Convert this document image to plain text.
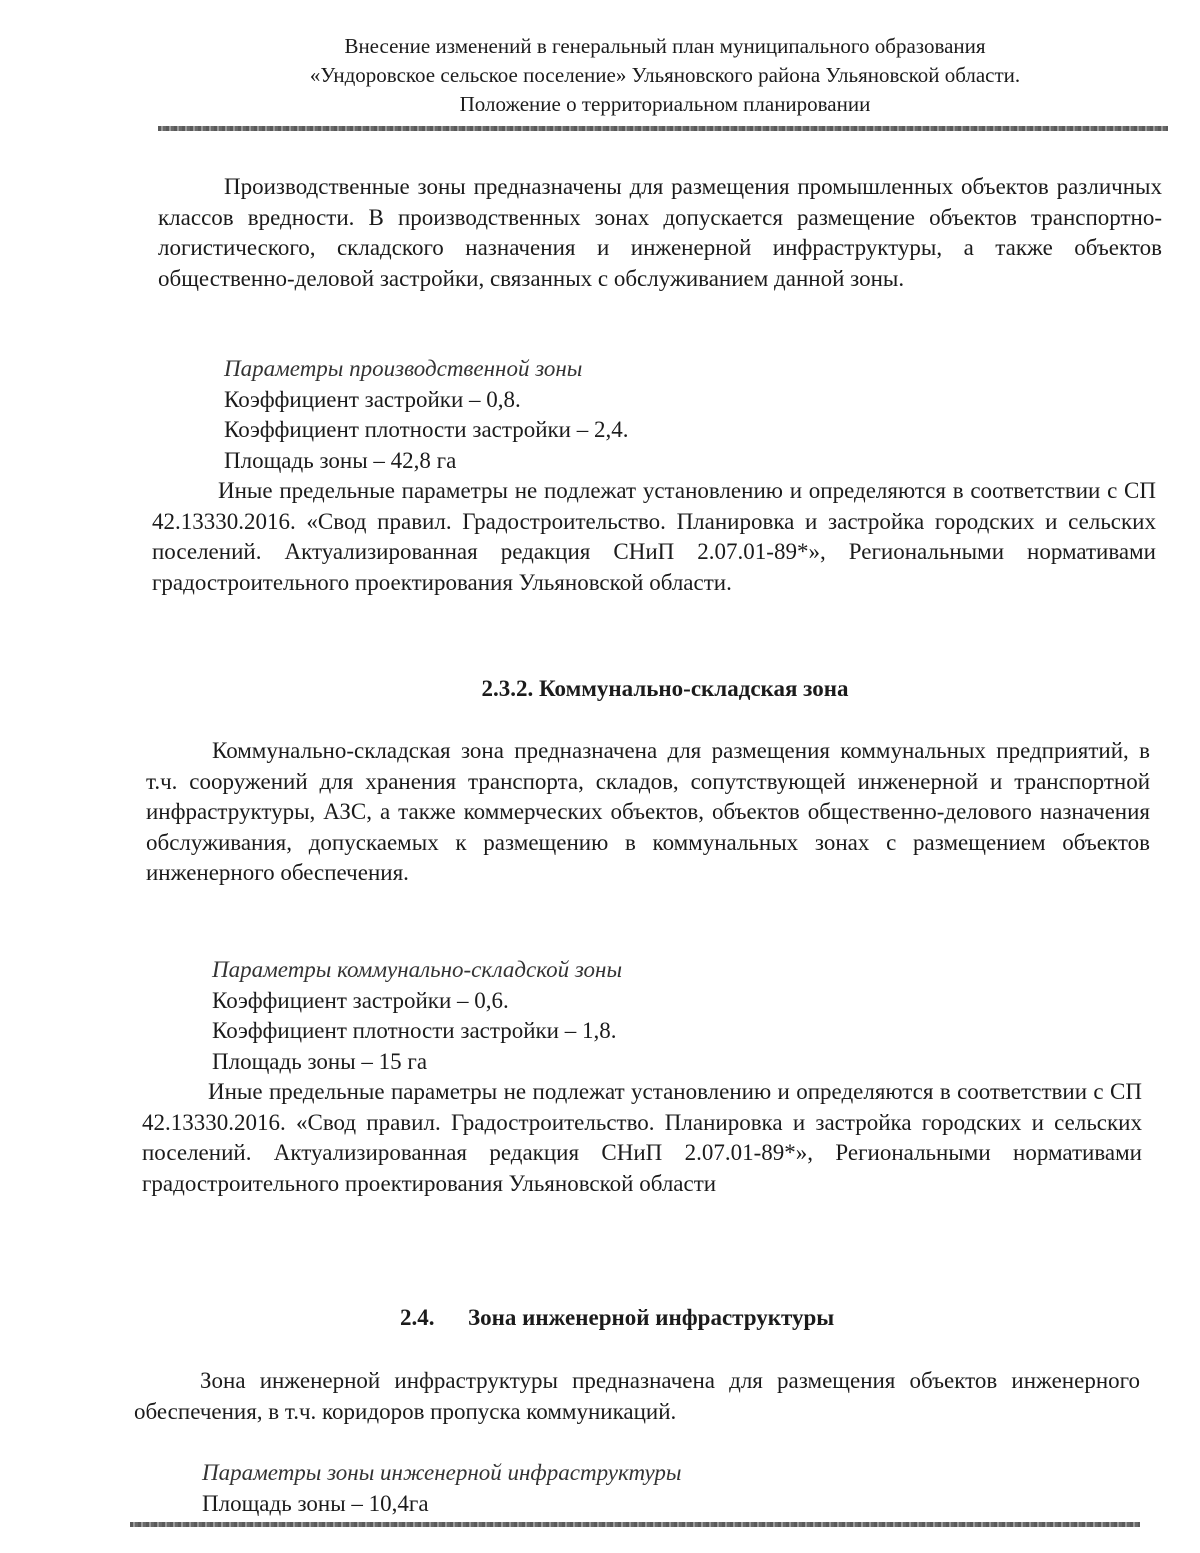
Внесение изменений в генеральный план муниципального образования
«Ундоровское сельское поселение» Ульяновского района Ульяновской области.
Положение о территориальном планировании

Производственные зоны предназначены для размещения промышленных объектов различных классов вредности. В производственных зонах допускается размещение объектов транспортно-логистического, складского назначения и инженерной инфраструктуры, а также объектов общественно-деловой застройки, связанных с обслуживанием данной зоны.

Параметры производственной зоны
Коэффициент застройки – 0,8.
Коэффициент плотности застройки – 2,4.
Площадь зоны – 42,8 га
Иные предельные параметры не подлежат установлению и определяются в соответствии с СП 42.13330.2016. «Свод правил. Градостроительство. Планировка и застройка городских и сельских поселений. Актуализированная редакция СНиП 2.07.01-89*», Региональными нормативами градостроительного проектирования Ульяновской области.
2.3.2. Коммунально-складская зона

Коммунально-складская зона предназначена для размещения коммунальных предприятий, в т.ч. сооружений для хранения транспорта, складов, сопутствующей инженерной и транспортной инфраструктуры, АЗС, а также коммерческих объектов, объектов общественно-делового назначения обслуживания, допускаемых к размещению в коммунальных зонах с размещением объектов инженерного обеспечения.

Параметры коммунально-складской зоны
Коэффициент застройки – 0,6.
Коэффициент плотности застройки – 1,8.
Площадь зоны – 15 га
Иные предельные параметры не подлежат установлению и определяются в соответствии с СП 42.13330.2016. «Свод правил. Градостроительство. Планировка и застройка городских и сельских поселений. Актуализированная редакция СНиП 2.07.01-89*», Региональными нормативами градостроительного проектирования Ульяновской области
2.4. Зона инженерной инфраструктуры

Зона инженерной инфраструктуры предназначена для размещения объектов инженерного обеспечения, в т.ч. коридоров пропуска коммуникаций.

Параметры зоны инженерной инфраструктуры
Площадь зоны – 10,4га
